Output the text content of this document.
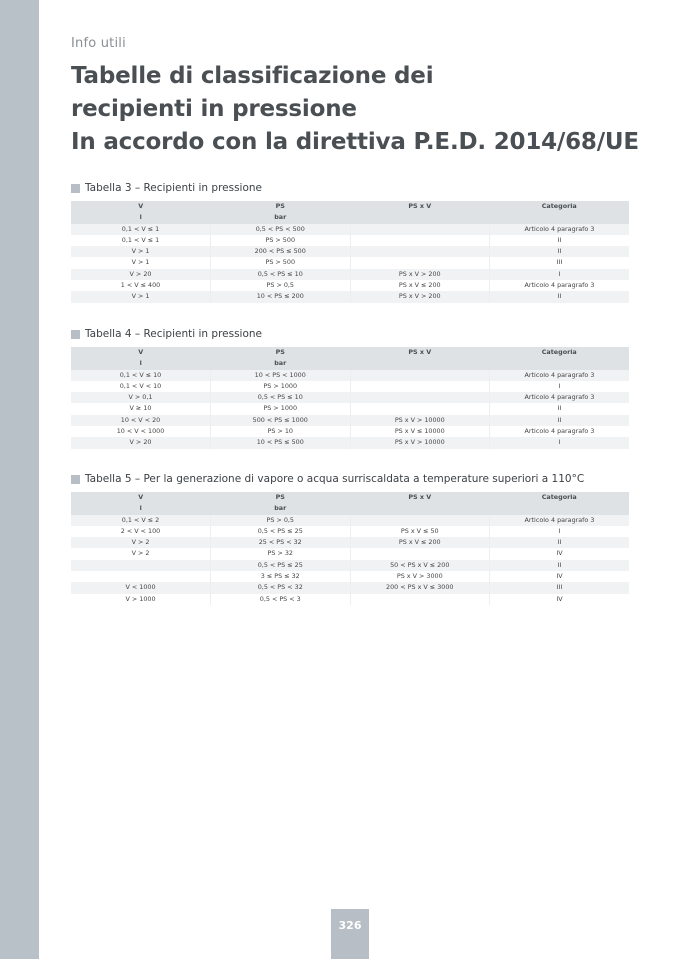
Info utili
Tabelle di classificazione dei
recipienti in pressione
In accordo con la direttiva P.E.D. 2014/68/UE
Tabella 3 – Recipienti in pressione
V	PS	PS x V	Categoria
l	bar		
0,1 < V ≤ 1	0,5 < PS < 500		Articolo 4 paragrafo 3
0,1 < V ≤ 1	PS > 500		II
V > 1	200 < PS ≤ 500		II
V > 1	PS > 500		III
V > 20	0,5 < PS ≤ 10	PS x V > 200	I
1 < V ≤ 400	PS > 0,5	PS x V ≤ 200	Articolo 4 paragrafo 3
V > 1	10 < PS ≤ 200	PS x V > 200	II
Tabella 4 – Recipienti in pressione
V	PS	PS x V	Categoria
l	bar		
0,1 < V ≤ 10	10 < PS < 1000		Articolo 4 paragrafo 3
0,1 < V < 10	PS > 1000		I
V > 0,1	0,5 < PS ≤ 10		Articolo 4 paragrafo 3
V ≥ 10	PS > 1000		II
10 < V < 20	500 < PS ≤ 1000	PS x V > 10000	II
10 < V < 1000	PS > 10	PS x V ≤ 10000	Articolo 4 paragrafo 3
V > 20	10 < PS ≤ 500	PS x V > 10000	I
Tabella 5 – Per la generazione di vapore o acqua surriscaldata a temperature superiori a 110°C
V	PS	PS x V	Categoria
l	bar		
0,1 < V ≤ 2	PS > 0,5		Articolo 4 paragrafo 3
2 < V < 100	0,5 < PS ≤ 25	PS x V ≤ 50	I
V > 2	25 < PS < 32	PS x V ≤ 200	II
V > 2	PS > 32		IV
	0,5 < PS ≤ 25	50 < PS x V ≤ 200	II
	3 ≤ PS ≤ 32	PS x V > 3000	IV
V < 1000	0,5 < PS < 32	200 < PS x V ≤ 3000	III
V > 1000	0,5 < PS < 3		IV
326
